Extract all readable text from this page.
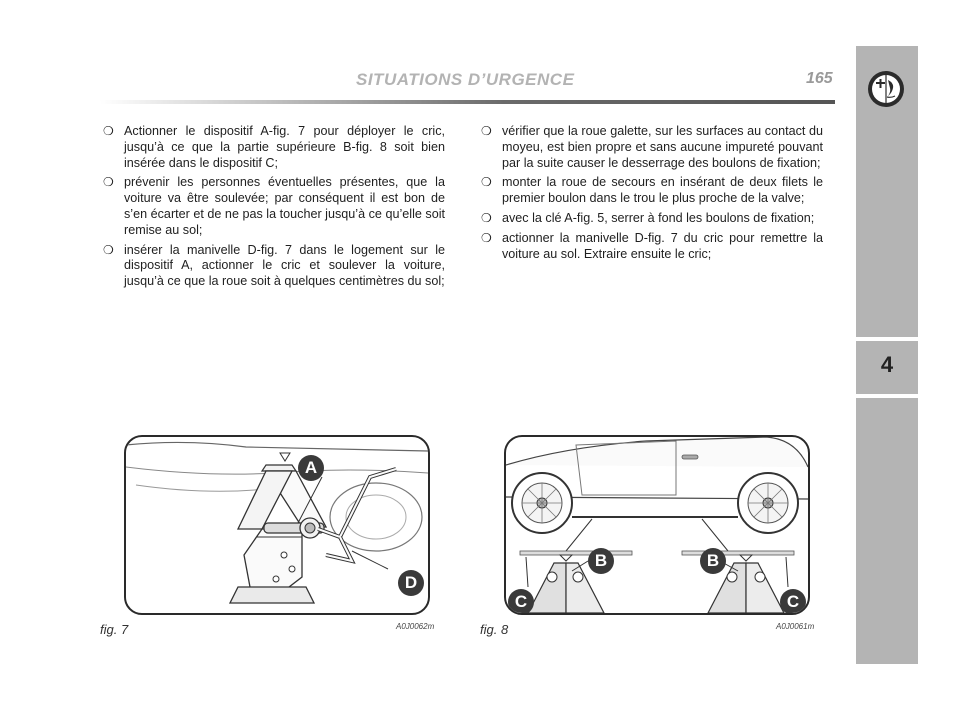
SITUATIONS D’URGENCE	165
4
❍ Actionner le dispositif A-fig. 7 pour déployer le cric, jusqu’à ce que la partie supérieure B-fig. 8 soit bien insérée dans le dispositif C;
❍ prévenir les personnes éventuelles présentes, que la voiture va être soulevée; par conséquent il est bon de s’en écarter et de ne pas la toucher jusqu’à ce qu’elle soit remise au sol;
❍ insérer la manivelle D-fig. 7 dans le logement sur le dispositif A, actionner le cric et soulever la voiture, jusqu’à ce que la roue soit à quelques centimètres du sol;
❍ vérifier que la roue galette, sur les surfaces au contact du moyeu, est bien propre et sans aucune impureté pouvant par la suite causer le desserrage des boulons de fixation;
❍ monter la roue de secours en insérant de deux filets le premier boulon dans le trou le plus proche de la valve;
❍ avec la clé A-fig. 5, serrer à fond les boulons de fixation;
❍ actionner la manivelle D-fig. 7 du cric pour remettre la voiture au sol. Extraire ensuite le cric;
A
D
fig. 7	A0J0062m
B
C
B
C
fig. 8	A0J0061m
